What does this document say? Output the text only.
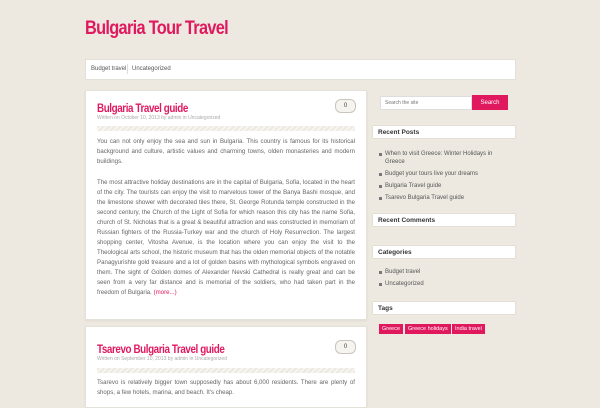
Bulgaria Tour Travel
Budget travel Uncategorized
Bulgaria Travel guide
Written on October 10, 2013 by admin in Uncategorized
0

You can not only enjoy the sea and sun in Bulgaria. This country is famous for its historical background and culture, artistic values and charming towns, olden monasteries and modern buildings.

The most attractive holiday destinations are in the capital of Bulgaria, Sofia, located in the heart of the city. The tourists can enjoy the visit to marvelous tower of the Banya Bashi mosque, and the limestone shower with decorated tiles there, St. George Rotunda temple constructed in the second century, the Church of the Light of Sofia for which reason this city has the name Sofia, church of St. Nicholas that is a great & beautiful attraction and was constructed in memoriam of Russian fighters of the Russia-Turkey war and the church of Holy Resurrection. The largest shopping center, Vitosha Avenue, is the location where you can enjoy the visit to the Theological arts school, the historic museum that has the olden memorial objects of the notable Panagyurishte gold treasure and a lot of golden basins with mythological symbols engraved on them. The sight of Golden domes of Alexander Nevski Cathedral is really great and can be seen from a very far distance and is memorial of the soldiers, who had taken part in the freedom of Bulgaria. (more...)

Tsarevo Bulgaria Travel guide
Written on September 10, 2013 by admin in Uncategorized
0

Tsarevo is relatively bigger town supposedly has about 6,000 residents. There are plenty of shops, a few hotels, marina, and beach. It's cheap.

Search the site
Search
Recent Posts
When to visit Greece: Winter Holidays in Greece
Budget your tours live your dreams
Bulgaria Travel guide
Tsarevo Bulgaria Travel guide
Recent Comments
Categories
Budget travel
Uncategorized
Tags
Greece	Greece holidays	India travel
